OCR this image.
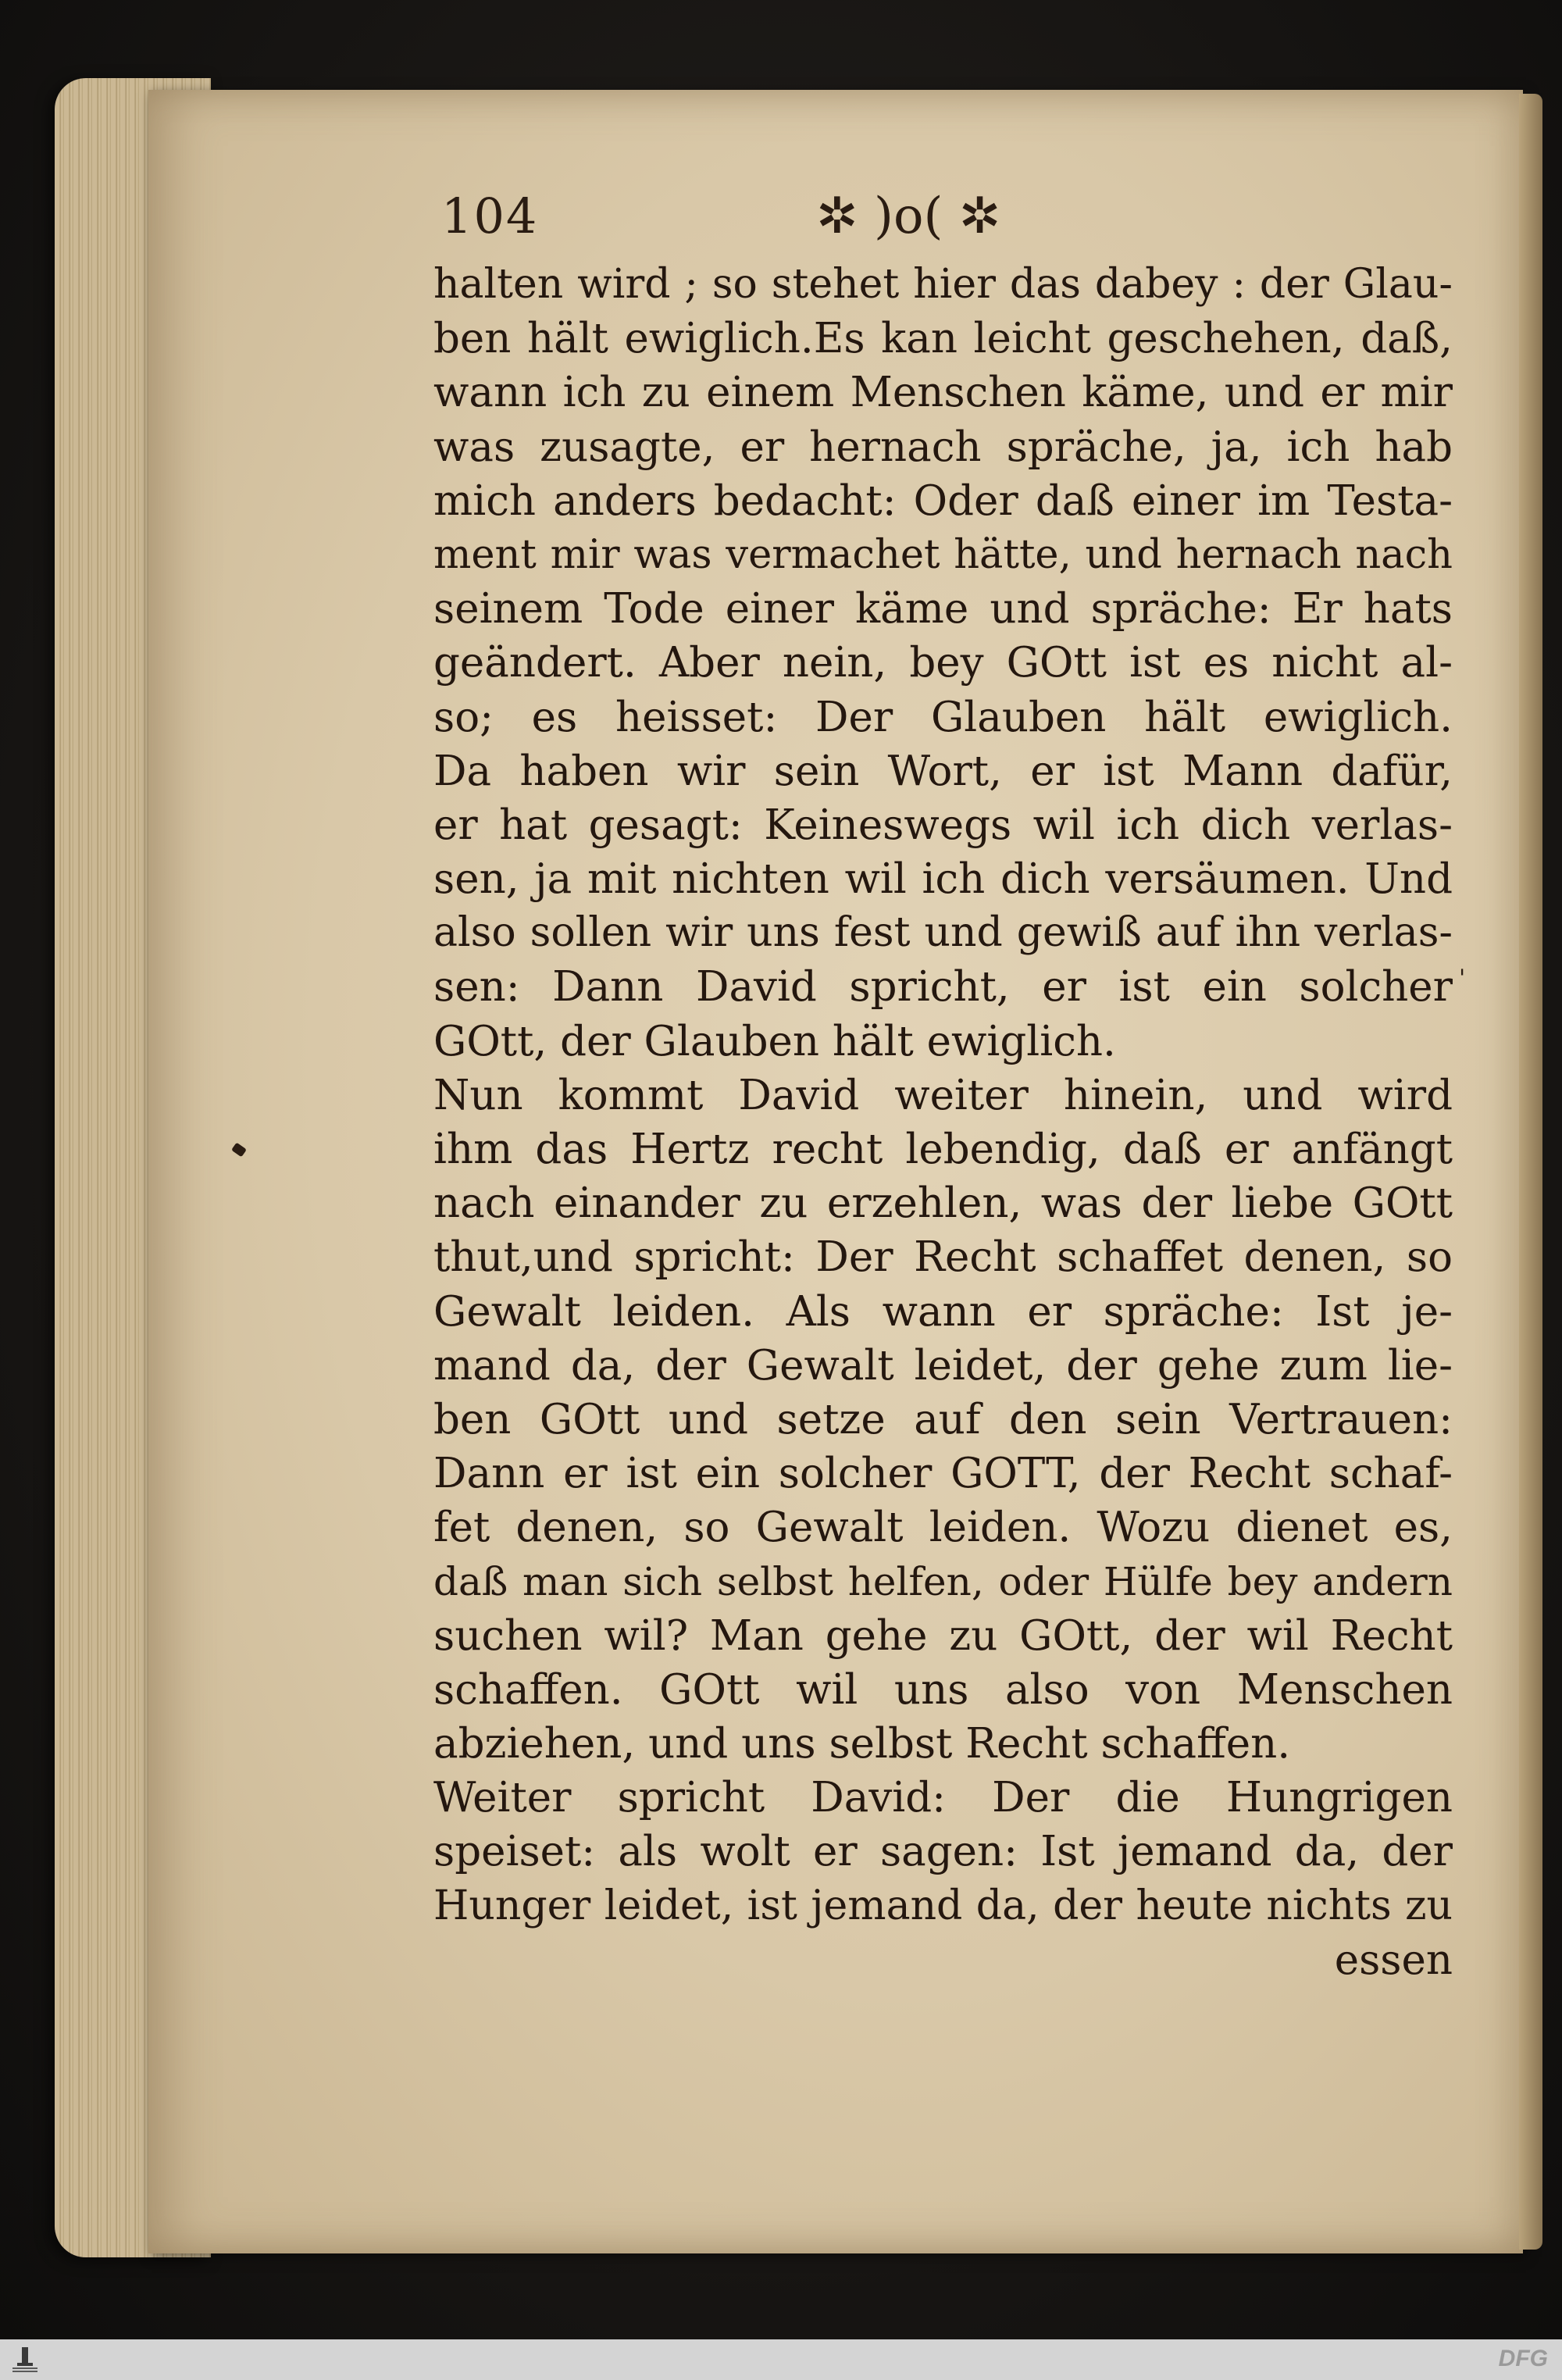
104	✲ )o( ✲
'
halten wird ; so stehet hier das dabey : der Glau-
ben hält ewiglich.Es kan leicht geschehen, daß,
wann ich zu einem Menschen käme, und er mir
was zusagte, er hernach spräche, ja, ich hab
mich anders bedacht: Oder daß einer im Testa-
ment mir was vermachet hätte, und hernach nach
seinem Tode einer käme und spräche: Er hats
geändert. Aber nein, bey GOtt ist es nicht al-
so; es heisset: Der Glauben hält ewiglich.
Da haben wir sein Wort, er ist Mann dafür,
er hat gesagt: Keineswegs wil ich dich verlas-
sen, ja mit nichten wil ich dich versäumen. Und
also sollen wir uns fest und gewiß auf ihn verlas-
sen: Dann David spricht, er ist ein solcher
GOtt, der Glauben hält ewiglich.
Nun kommt David weiter hinein, und wird
ihm das Hertz recht lebendig, daß er anfängt
nach einander zu erzehlen, was der liebe GOtt
thut,und spricht: Der Recht schaffet denen, so
Gewalt leiden. Als wann er spräche: Ist je-
mand da, der Gewalt leidet, der gehe zum lie-
ben GOtt und setze auf den sein Vertrauen:
Dann er ist ein solcher GOTT, der Recht schaf-
fet denen, so Gewalt leiden. Wozu dienet es,
daß man sich selbst helfen, oder Hülfe bey andern
suchen wil? Man gehe zu GOtt, der wil Recht
schaffen. GOtt wil uns also von Menschen
abziehen, und uns selbst Recht schaffen.
Weiter spricht David: Der die Hungrigen
speiset: als wolt er sagen: Ist jemand da, der
Hunger leidet, ist jemand da, der heute nichts zu
essen
DFG
